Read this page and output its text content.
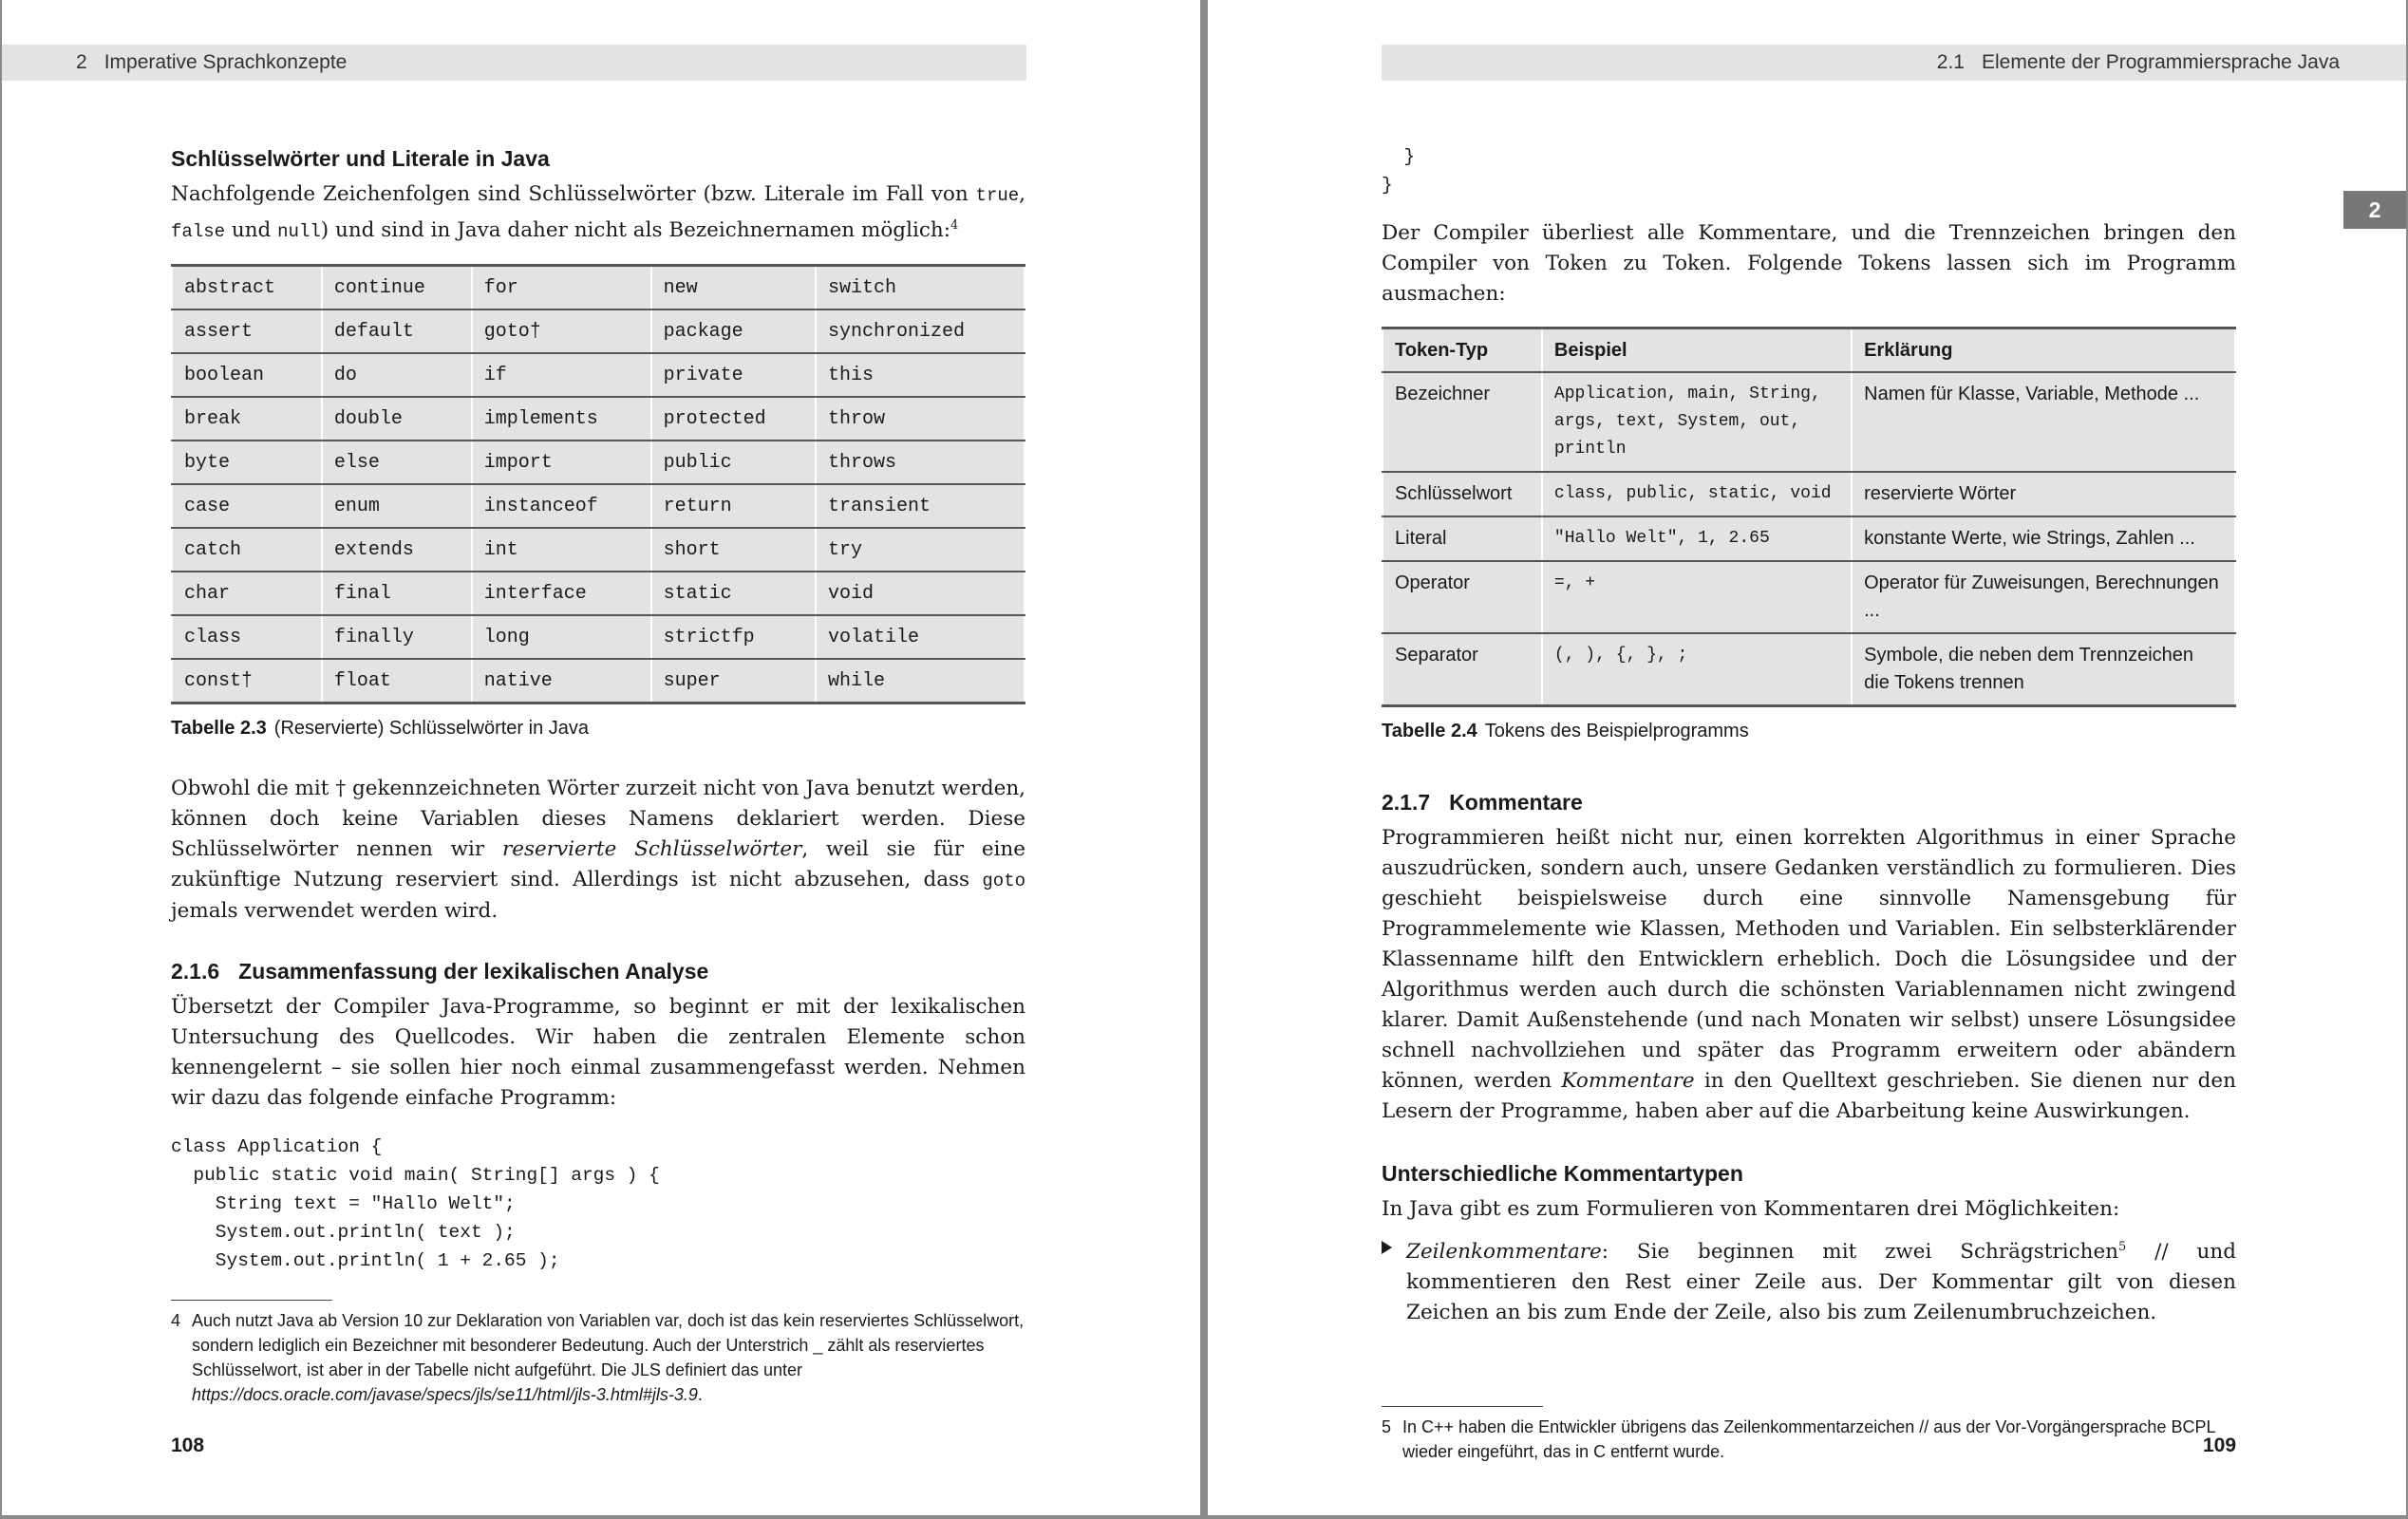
2 Imperative Sprachkonzepte
Schlüsselwörter und Literale in Java

Nachfolgende Zeichenfolgen sind Schlüsselwörter (bzw. Literale im Fall von true, false und null) und sind in Java daher nicht als Bezeichnernamen möglich:$^4$

abstract	continue	for	new	switch
assert	default	goto†	package	synchronized
boolean	do	if	private	this
break	double	implements	protected	throw
byte	else	import	public	throws
case	enum	instanceof	return	transient
catch	extends	int	short	try
char	final	interface	static	void
class	finally	long	strictfp	volatile
const†	float	native	super	while
Tabelle 2.3 (Reservierte) Schlüsselwörter in Java

Obwohl die mit † gekennzeichneten Wörter zurzeit nicht von Java benutzt werden, können doch keine Variablen dieses Namens deklariert werden. Diese Schlüsselwörter nennen wir reservierte Schlüsselwörter, weil sie für eine zukünftige Nutzung reserviert sind. Allerdings ist nicht abzusehen, dass goto jemals verwendet werden wird.

2.1.6 Zusammenfassung der lexikalischen Analyse

Übersetzt der Compiler Java-Programme, so beginnt er mit der lexikalischen Untersuchung des Quellcodes. Wir haben die zentralen Elemente schon kennengelernt – sie sollen hier noch einmal zusammengefasst werden. Nehmen wir dazu das folgende einfache Programm:

class Application {
public static void main( String[] args ) {
String text = "Hallo Welt";
System.out.println( text );
System.out.println( 1 + 2.65 );
4 Auch nutzt Java ab Version 10 zur Deklaration von Variablen var, doch ist das kein reserviertes Schlüsselwort, sondern lediglich ein Bezeichner mit besonderer Bedeutung. Auch der Unterstrich _ zählt als reserviertes Schlüsselwort, ist aber in der Tabelle nicht aufgeführt. Die JLS definiert das unter https://docs.oracle.com/javase/specs/jls/se11/html/jls-3.html#jls-3.9.
108
2.1 Elemente der Programmiersprache Java
2
}
}

Der Compiler überliest alle Kommentare, und die Trennzeichen bringen den Compiler von Token zu Token. Folgende Tokens lassen sich im Programm ausmachen:

Token-Typ	Beispiel	Erklärung
Bezeichner	Application, main, String, args, text, System, out, println	Namen für Klasse, Variable, Methode ...
Schlüsselwort	class, public, static, void	reservierte Wörter
Literal	"Hallo Welt", 1, 2.65	konstante Werte, wie Strings, Zahlen ...
Operator	=, +	Operator für Zuweisungen, Berechnungen ...
Separator	(, ), {, }, ;	Symbole, die neben dem Trennzeichen die Tokens trennen
Tabelle 2.4 Tokens des Beispielprogramms
2.1.7 Kommentare

Programmieren heißt nicht nur, einen korrekten Algorithmus in einer Sprache auszudrücken, sondern auch, unsere Gedanken verständlich zu formulieren. Dies geschieht beispielsweise durch eine sinnvolle Namensgebung für Programmelemente wie Klassen, Methoden und Variablen. Ein selbsterklärender Klassenname hilft den Entwicklern erheblich. Doch die Lösungsidee und der Algorithmus werden auch durch die schönsten Variablennamen nicht zwingend klarer. Damit Außenstehende (und nach Monaten wir selbst) unsere Lösungsidee schnell nachvollziehen und später das Programm erweitern oder abändern können, werden Kommentare in den Quelltext geschrieben. Sie dienen nur den Lesern der Programme, haben aber auf die Abarbeitung keine Auswirkungen.

Unterschiedliche Kommentartypen

In Java gibt es zum Formulieren von Kommentaren drei Möglichkeiten:

Zeilenkommentare: Sie beginnen mit zwei Schrägstrichen$^5$ // und kommentieren den Rest einer Zeile aus. Der Kommentar gilt von diesen Zeichen an bis zum Ende der Zeile, also bis zum Zeilenumbruchzeichen.
5 In C++ haben die Entwickler übrigens das Zeilenkommentarzeichen // aus der Vor-Vorgängersprache BCPL wieder eingeführt, das in C entfernt wurde.	109
